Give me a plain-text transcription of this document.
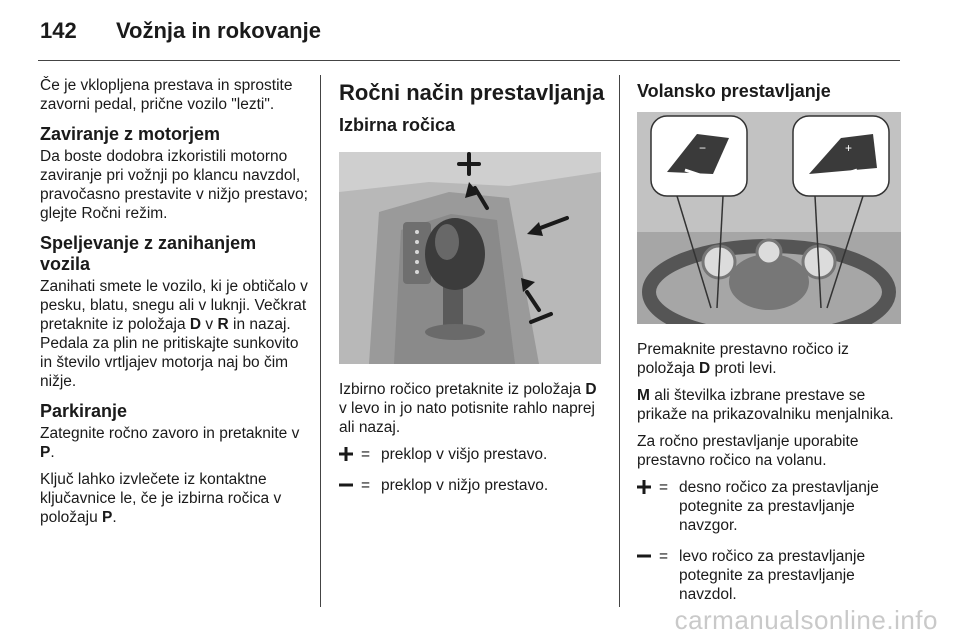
142 Vožnja in rokovanje

Če je vklopljena prestava in sprostite zavorni pedal, prične vozilo "lezti".

Zaviranje z motorjem

Da boste dodobra izkoristili motorno zaviranje pri vožnji po klancu navzdol, pravočasno prestavite v nižjo prestavo; glejte Ročni režim.

Speljevanje z zanihanjem vozila

Zanihati smete le vozilo, ki je obtičalo v pesku, blatu, snegu ali v luknji. Večkrat pretaknite iz položaja D v R in nazaj. Pedala za plin ne pritiskajte sunkovito in število vrtljajev motorja naj bo čim nižje.

Parkiranje

Zategnite ročno zavoro in pretaknite v P.

Ključ lahko izvlečete iz kontaktne ključavnice le, če je izbirna ročica v položaju P.

Ročni način prestavljanja
Izbirna ročica

Izbirno ročico pretaknite iz položaja D v levo in jo nato potisnite rahlo naprej ali nazaj.

= preklop v višjo prestavo.
= preklop v nižjo prestavo.
Volansko prestavljanje
−	+

Premaknite prestavno ročico iz položaja D proti levi.

M ali številka izbrane prestave se prikaže na prikazovalniku menjalnika.

Za ročno prestavljanje uporabite prestavno ročico na volanu.

= desno ročico za prestavljanje potegnite za prestavljanje navzgor.
= levo ročico za prestavljanje potegnite za prestavljanje navzdol.
carmanualsonline.info
